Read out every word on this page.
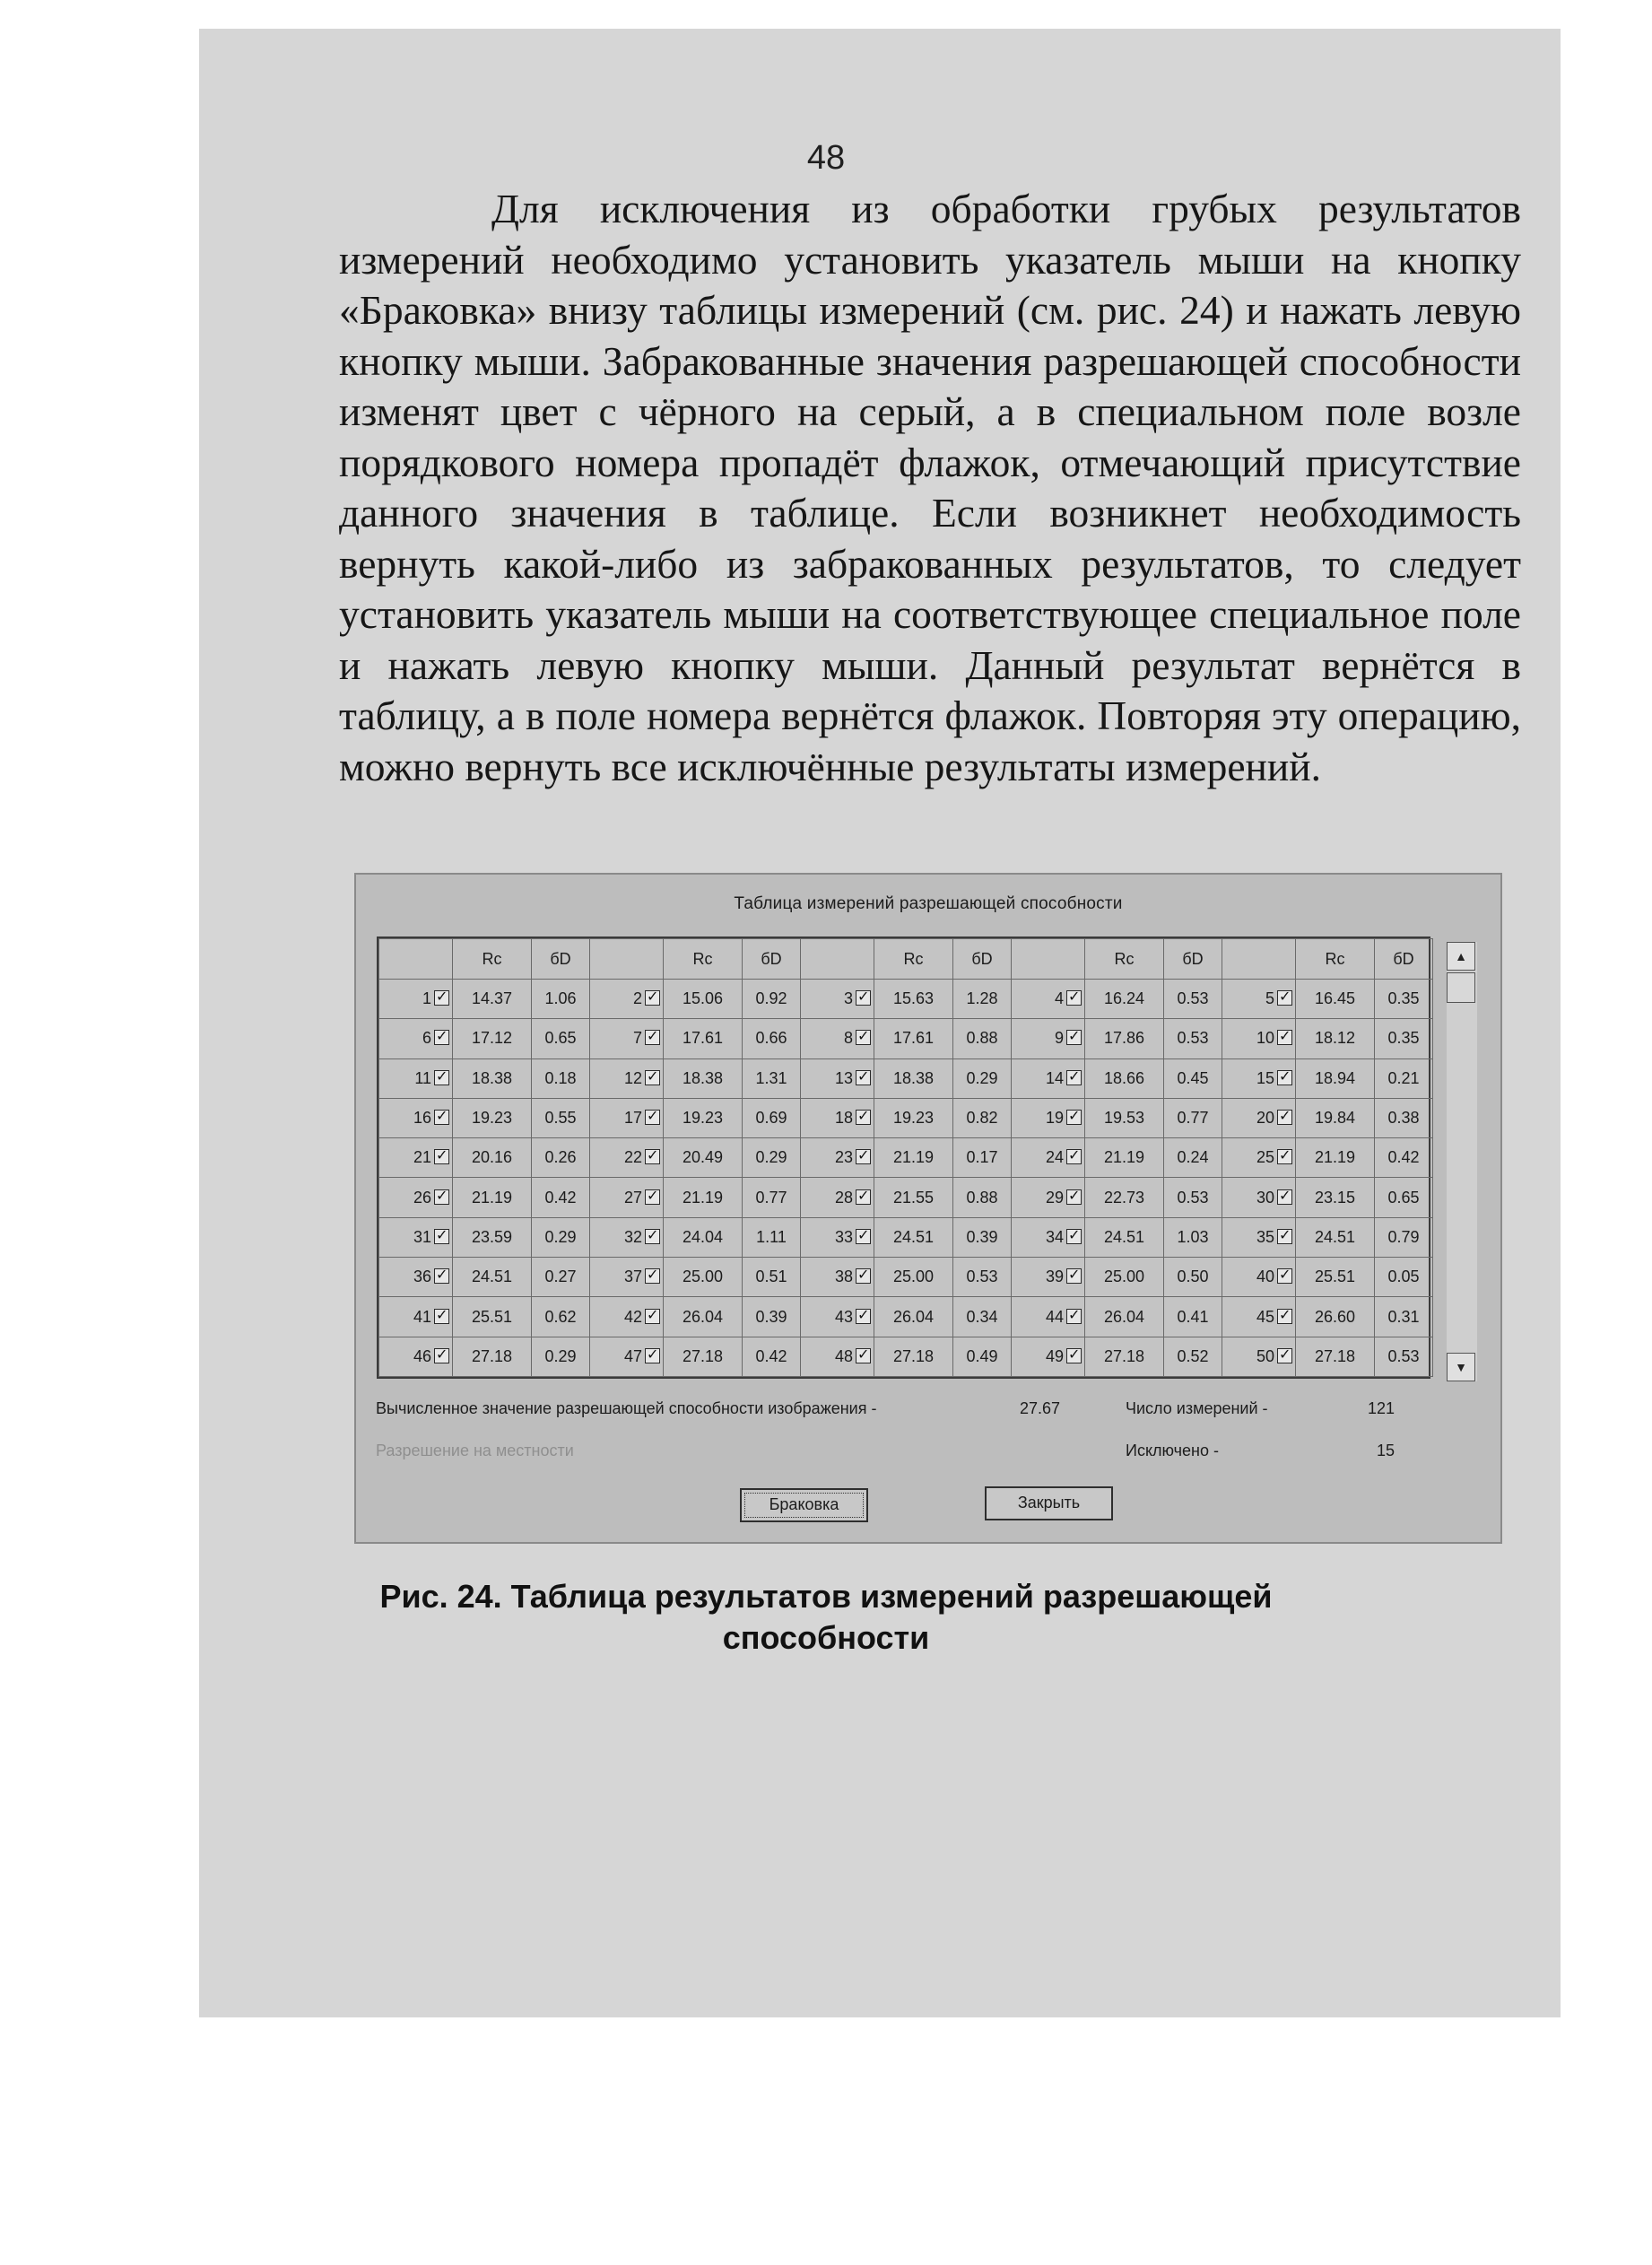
48

Для исключения из обработки грубых результатов измерений необходимо установить указатель мыши на кнопку «Браковка» внизу таблицы измерений (см. рис. 24) и нажать левую кнопку мыши. Забракованные значения разрешающей способности изменят цвет с чёрного на серый, а в специальном поле возле порядкового номера пропадёт флажок, отмечающий присутствие данного значения в таблице. Если возникнет необходимость вернуть какой-либо из забракованных результатов, то следует установить указатель мыши на соответствующее специальное поле и нажать левую кнопку мыши. Данный результат вернётся в таблицу, а в поле номера вернётся флажок. Повторяя эту операцию, можно вернуть все исключённые результаты измерений.

Таблица измерений разрешающей способности
	Rc	бD		Rc	бD		Rc	бD		Rc	бD		Rc	бD
1✓	14.37	1.06	2✓	15.06	0.92	3✓	15.63	1.28	4✓	16.24	0.53	5✓	16.45	0.35
6✓	17.12	0.65	7✓	17.61	0.66	8✓	17.61	0.88	9✓	17.86	0.53	10✓	18.12	0.35
11✓	18.38	0.18	12✓	18.38	1.31	13✓	18.38	0.29	14✓	18.66	0.45	15✓	18.94	0.21
16✓	19.23	0.55	17✓	19.23	0.69	18✓	19.23	0.82	19✓	19.53	0.77	20✓	19.84	0.38
21✓	20.16	0.26	22✓	20.49	0.29	23✓	21.19	0.17	24✓	21.19	0.24	25✓	21.19	0.42
26✓	21.19	0.42	27✓	21.19	0.77	28✓	21.55	0.88	29✓	22.73	0.53	30✓	23.15	0.65
31✓	23.59	0.29	32✓	24.04	1.11	33✓	24.51	0.39	34✓	24.51	1.03	35✓	24.51	0.79
36✓	24.51	0.27	37✓	25.00	0.51	38✓	25.00	0.53	39✓	25.00	0.50	40✓	25.51	0.05
41✓	25.51	0.62	42✓	26.04	0.39	43✓	26.04	0.34	44✓	26.04	0.41	45✓	26.60	0.31
46✓	27.18	0.29	47✓	27.18	0.42	48✓	27.18	0.49	49✓	27.18	0.52	50✓	27.18	0.53
▲
▼
Вычисленное значение разрешающей способности изображения -	27.67	Число измерений -	121
Разрешение на местности	Исключено -	15
Браковка	Закрыть
Рис. 24. Таблица результатов измерений разрешающей
способности
